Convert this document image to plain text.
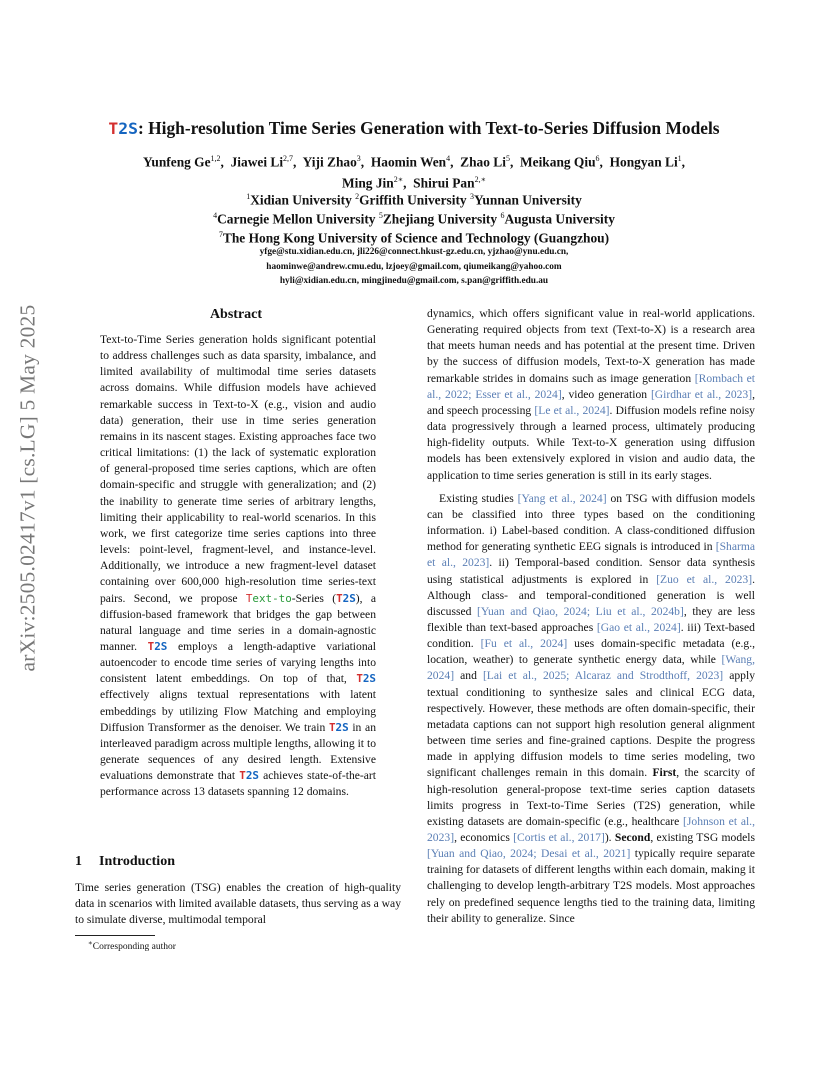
arXiv:2505.02417v1 [cs.LG] 5 May 2025
T2S: High-resolution Time Series Generation with Text-to-Series Diffusion Models
Yunfeng Ge$^{1,2}$,  Jiawei Li$^{2,7}$,  Yiji Zhao$^3$,  Haomin Wen$^4$,  Zhao Li$^5$,  Meikang Qiu$^6$,  Hongyan Li$^1$,
Ming Jin$^{2∗}$,  Shirui Pan$^{2,∗}$
$^1$Xidian University $^2$Griffith University $^3$Yunnan University
$^4$Carnegie Mellon University $^5$Zhejiang University $^6$Augusta University
$^7$The Hong Kong University of Science and Technology (Guangzhou)
yfge@stu.xidian.edu.cn, jli226@connect.hkust-gz.edu.cn, yjzhao@ynu.edu.cn,
haominwe@andrew.cmu.edu, lzjoey@gmail.com, qiumeikang@yahoo.com
hyli@xidian.edu.cn, mingjinedu@gmail.com, s.pan@griffith.edu.au
Abstract
Text-to-Time Series generation holds significant potential to address challenges such as data sparsity, imbalance, and limited availability of multimodal time series datasets across domains. While diffusion models have achieved remarkable success in Text-to-X (e.g., vision and audio data) generation, their use in time series generation remains in its nascent stages. Existing approaches face two critical limitations: (1) the lack of systematic exploration of general-proposed time series captions, which are often domain-specific and struggle with generalization; and (2) the inability to generate time series of arbitrary lengths, limiting their applicability to real-world scenarios. In this work, we first categorize time series captions into three levels: point-level, fragment-level, and instance-level. Additionally, we introduce a new fragment-level dataset containing over 600,000 high-resolution time series-text pairs. Second, we propose Text-to-Series (T2S), a diffusion-based framework that bridges the gap between natural language and time series in a domain-agnostic manner. T2S employs a length-adaptive variational autoencoder to encode time series of varying lengths into consistent latent embeddings. On top of that, T2S effectively aligns textual representations with latent embeddings by utilizing Flow Matching and employing Diffusion Transformer as the denoiser. We train T2S in an interleaved paradigm across multiple lengths, allowing it to generate sequences of any desired length. Extensive evaluations demonstrate that T2S achieves state-of-the-art performance across 13 datasets spanning 12 domains.
1 Introduction
Time series generation (TSG) enables the creation of high-quality data in scenarios with limited available datasets, thus serving as a way to simulate diverse, multimodal temporal
∗Corresponding author

dynamics, which offers significant value in real-world applications. Generating required objects from text (Text-to-X) is a research area that meets human needs and has potential at the present time. Driven by the success of diffusion models, Text-to-X generation has made remarkable strides in domains such as image generation [Rombach et al., 2022; Esser et al., 2024], video generation [Girdhar et al., 2023], and speech processing [Le et al., 2024]. Diffusion models refine noisy data progressively through a learned process, ultimately producing high-fidelity outputs. While Text-to-X generation using diffusion models has been extensively explored in vision and audio data, the application to time series generation is still in its early stages.

Existing studies [Yang et al., 2024] on TSG with diffusion models can be classified into three types based on the conditioning information. i) Label-based condition. A class-conditioned diffusion method for generating synthetic EEG signals is introduced in [Sharma et al., 2023]. ii) Temporal-based condition. Sensor data synthesis using statistical adjustments is explored in [Zuo et al., 2023]. Although class- and temporal-conditioned generation is well discussed [Yuan and Qiao, 2024; Liu et al., 2024b], they are less flexible than text-based approaches [Gao et al., 2024]. iii) Text-based condition. [Fu et al., 2024] uses domain-specific metadata (e.g., location, weather) to generate synthetic energy data, while [Wang, 2024] and [Lai et al., 2025; Alcaraz and Strodthoff, 2023] apply textual conditioning to synthesize sales and clinical ECG data, respectively. However, these methods are often domain-specific, their metadata captions can not support high resolution general alignment between time series and fine-grained captions. Despite the progress made in applying diffusion models to time series modeling, two significant challenges remain in this domain. First, the scarcity of high-resolution general-propose text-time series caption datasets limits progress in Text-to-Time Series (T2S) generation, while existing datasets are domain-specific (e.g., healthcare [Johnson et al., 2023], economics [Cortis et al., 2017]). Second, existing TSG models [Yuan and Qiao, 2024; Desai et al., 2021] typically require separate training for datasets of different lengths within each domain, making it challenging to develop length-arbitrary T2S models. Most approaches rely on predefined sequence lengths tied to the training data, limiting their ability to generalize. Since
